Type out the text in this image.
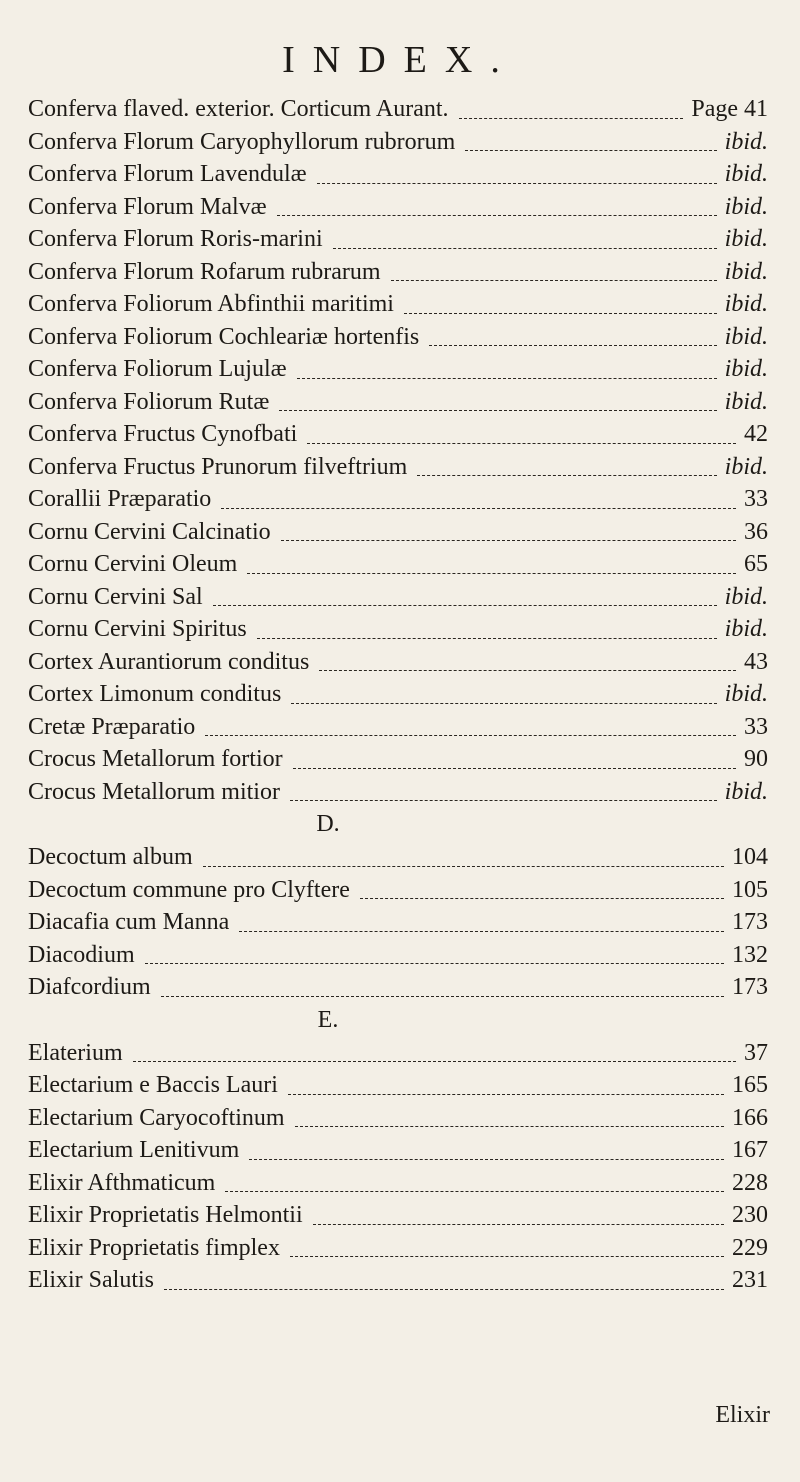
INDEX.
Conferva flaved. exterior. Corticum Aurant.	Page 41
Conferva Florum Caryophyllorum rubrorum	ibid.
Conferva Florum Lavendulæ	ibid.
Conferva Florum Malvæ	ibid.
Conferva Florum Roris-marini	ibid.
Conferva Florum Rofarum rubrarum	ibid.
Conferva Foliorum Abfinthii maritimi	ibid.
Conferva Foliorum Cochleariæ hortenfis	ibid.
Conferva Foliorum Lujulæ	ibid.
Conferva Foliorum Rutæ	ibid.
Conferva Fructus Cynofbati	42
Conferva Fructus Prunorum filveftrium	ibid.
Corallii Præparatio	33
Cornu Cervini Calcinatio	36
Cornu Cervini Oleum	65
Cornu Cervini Sal	ibid.
Cornu Cervini Spiritus	ibid.
Cortex Aurantiorum conditus	43
Cortex Limonum conditus	ibid.
Cretæ Præparatio	33
Crocus Metallorum fortior	90
Crocus Metallorum mitior	ibid.
D.
Decoctum album	104
Decoctum commune pro Clyftere	105
Diacafia cum Manna	173
Diacodium	132
Diafcordium	173
E.
Elaterium	37
Electarium e Baccis Lauri	165
Electarium Caryocoftinum	166
Electarium Lenitivum	167
Elixir Afthmaticum	228
Elixir Proprietatis Helmontii	230
Elixir Proprietatis fimplex	229
Elixir Salutis	231
Elixir
